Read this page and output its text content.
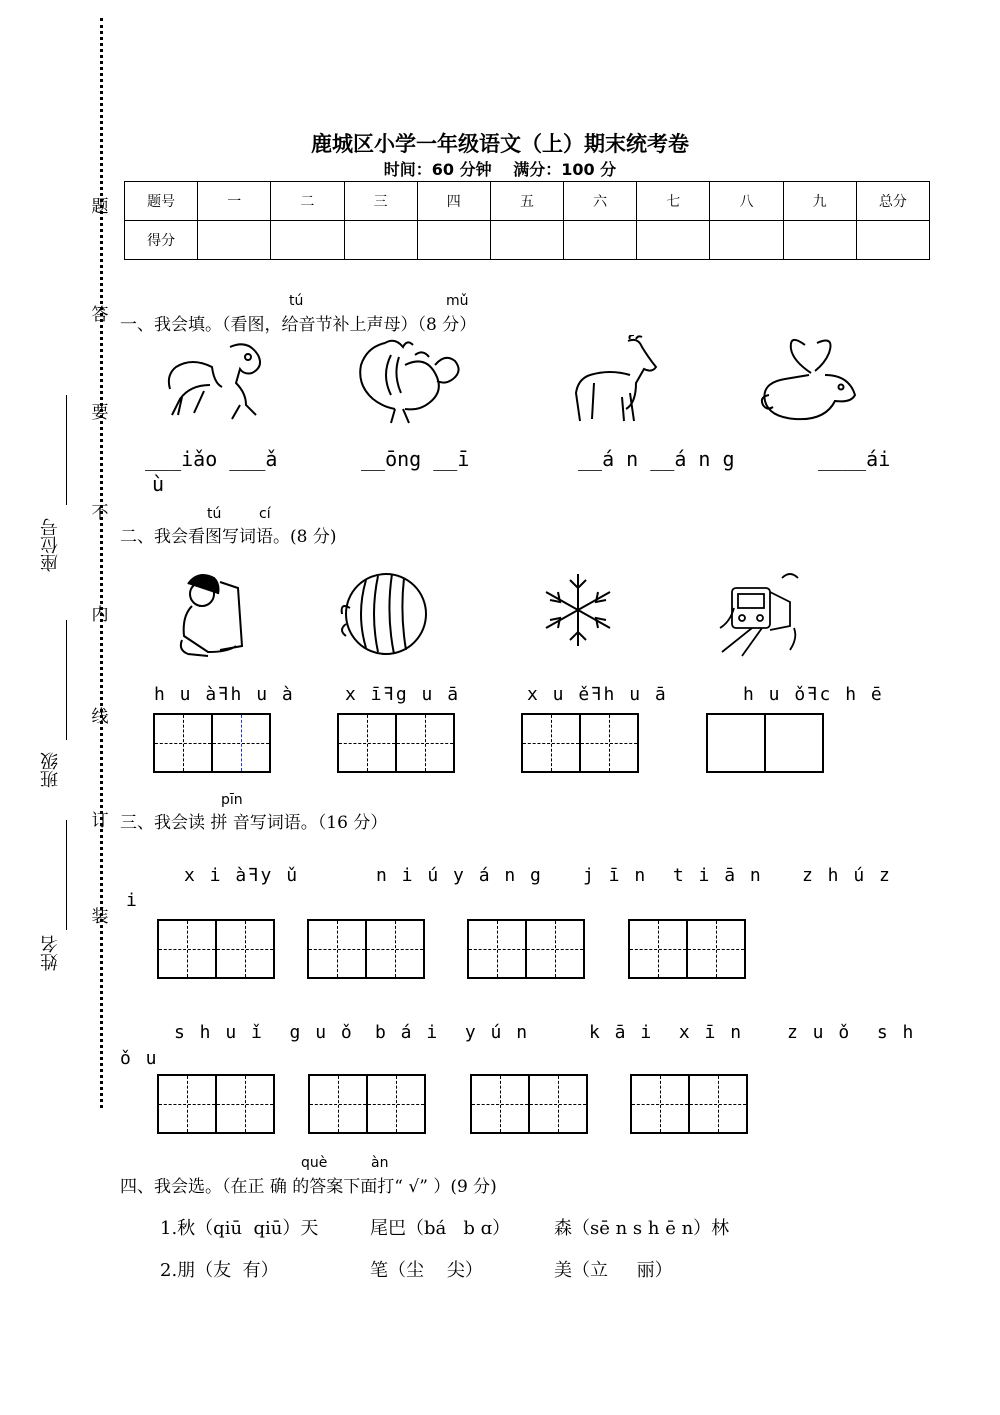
题
答
要
不
内
线
订
装
座位号
班级
姓名
鹿城区小学一年级语文（上）期末统考卷
时间：60 分钟　 满分：100 分
题号	一	二	三	四	五	六	七	八	九	总分
得分										
tú	mǔ
一、我会填。（看图，给音节补上声母）（8 分）
___iǎo ___ǎ	__ōng __ī	__á n __á n g	____ái
ù
tú	cí
二、我会看图写词语。(8 分)
h u àꟻh u à	x īꟻg u ā	x u ěꟻh u ā	h u ǒꟻc h ē
pīn
三、我会读 拼 音写词语。（16 分）
x i àꟻy ǔ	n i ú y á n g j ī n  t i ā n z h ú z
i
s h u ǐ  g u ǒ b á i  y ú n	k ā i  x ī n z u ǒ  s h
ǒ u
què	àn
四、我会选。（在正 确 的答案下面打“ √” ）(9 分)
1.秋（qiū  qiū）天	尾巴（bá   b ɑ） 森（sē n s h ē n）林
2.朋（友  有）	笔（尘    尖）	美（立     丽）
